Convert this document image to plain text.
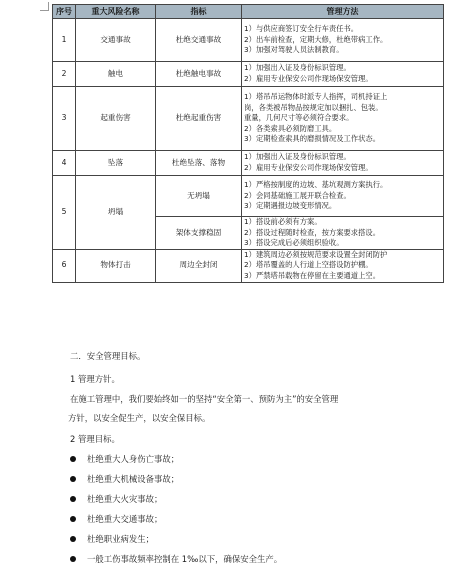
序号	重大风险名称	指标	管理方法
1	交通事故	杜绝交通事故	1）与供应商签订安全行车责任书。
2）出车前检查，定期大修，杜绝带病工作。
3）加强对驾驶人员法制教育。

2	触电	杜绝触电事故	1）加强出入证及身份标识管理。
2）雇用专业保安公司作现场保安管理。

3	起重伤害	杜绝起重伤害	1）塔吊吊运物体时派专人指挥，司机持证上
岗，各类被吊物品按规定加以捆扎、包装。
重量，几何尺寸等必须符合要求。
2）各类索具必须防磨工具。
3）定期检查索具的磨损情况及工作状态。

4	坠落	杜绝坠落、落物	1）加强出入证及身份标识管理。
2）雇用专业保安公司作现场保安管理。

5	坍塌	无坍塌	1）严格按制度的边坡、基坑观测方案执行。
2）会同基础施工展开联合检查。
3）定期遇报边坡变形情况。

		架体支撑稳固	1）搭设前必须有方案。
2）搭设过程随时检查，按方案要求搭设。
3）搭设完成后必须组织验收。

6	物体打击	周边全封闭	1）建筑周边必须按规范要求设置全封闭防护
2）塔吊覆盖的人行道上空搭设防护棚。
3）严禁塔吊载物在停留在主要通道上空。
二．安全管理目标。
1 管理方针。
在施工管理中，我们要始终如一的坚持“安全第一、预防为主”的安全管理
方针，以安全促生产，以安全保目标。
2 管理目标。
杜绝重大人身伤亡事故；
杜绝重大机械设备事故；
杜绝重大火灾事故；
杜绝重大交通事故；
杜绝职业病发生；
一般工伤事故频率控制在 1‰以下，确保安全生产。
